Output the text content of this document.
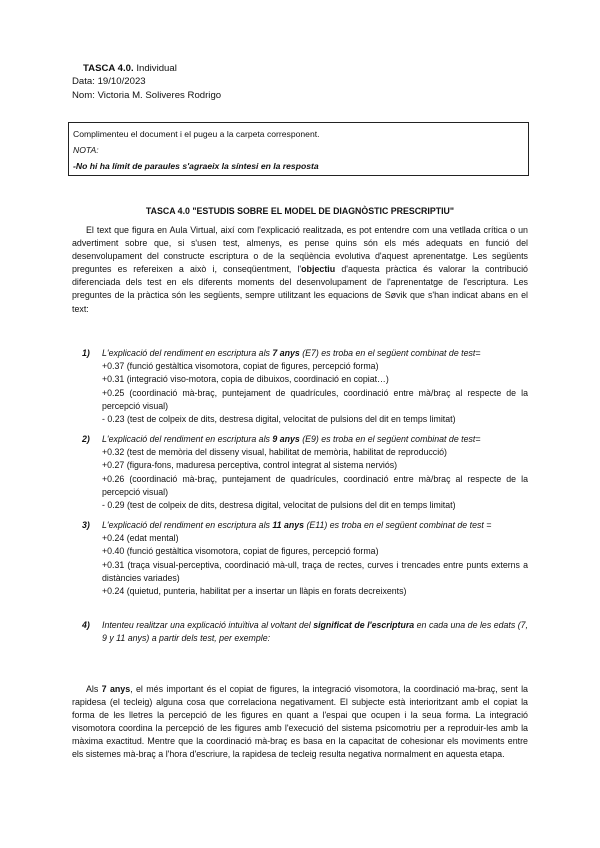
TASCA 4.0. Individual
Data: 19/10/2023
Nom: Victoria M. Soliveres Rodrigo
Complimenteu el document i el pugeu a la carpeta corresponent.
NOTA:
-No hi ha límit de paraules s'agraeix la síntesi en la resposta
TASCA 4.0 "ESTUDIS SOBRE EL MODEL DE DIAGNÒSTIC PRESCRIPTIU"

El text que figura en Aula Virtual, així com l'explicació realitzada, es pot entendre com una vetllada crítica o un advertiment sobre que, si s'usen test, almenys, es pense quins són els més adequats en funció del desenvolupament del constructe escriptura o de la seqüència evolutiva d'aquest aprenentatge. Les següents preguntes es refereixen a això i, conseqüentment, l'objectiu d'aquesta pràctica és valorar la contribució diferenciada dels test en els diferents moments del desenvolupament de l'aprenentatge de l'escriptura. Les preguntes de la pràctica són les següents, sempre utilitzant les equacions de Søvik que s'han indicat abans en el text:

1) L'explicació del rendiment en escriptura als 7 anys (E7) es troba en el següent combinat de test=

+0.37 (funció gestàltica visomotora, copiat de figures, percepció forma)

+0.31 (integració viso-motora, copia de dibuixos, coordinació en copiat…)

+0.25 (coordinació mà-braç, puntejament de quadrícules, coordinació entre mà/braç al respecte de la percepció visual)

- 0.23 (test de colpeix de dits, destresa digital, velocitat de pulsions del dit en temps limitat)

2) L'explicació del rendiment en escriptura als 9 anys (E9) es troba en el següent combinat de test=

+0.32 (test de memòria del disseny visual, habilitat de memòria, habilitat de reproducció)

+0.27 (figura-fons, maduresa perceptiva, control integrat al sistema nerviós)

+0.26 (coordinació mà-braç, puntejament de quadrícules, coordinació entre mà/braç al respecte de la percepció visual)

- 0.29 (test de colpeix de dits, destresa digital, velocitat de pulsions del dit en temps limitat)

3) L'explicació del rendiment en escriptura als 11 anys (E11) es troba en el següent combinat de test =

+0.24 (edat mental)

+0.40 (funció gestàltica visomotora, copiat de figures, percepció forma)

+0.31 (traça visual-perceptiva, coordinació mà-ull, traça de rectes, curves i trencades entre punts externs a distàncies variades)

+0.24 (quietud, punteria, habilitat per a insertar un llàpis en forats decreixents)

4) Intenteu realitzar una explicació intuïtiva al voltant del significat de l'escriptura en cada una de les edats (7, 9 y 11 anys) a partir dels test, per exemple:

Als 7 anys, el més important és el copiat de figures, la integració visomotora, la coordinació ma-braç, sent la rapidesa (el tecleig) alguna cosa que correlaciona negativament. El subjecte està interioritzant amb el copiat la forma de les lletres la percepció de les figures en quant a l'espai que ocupen i la seua forma. La integració visomotora coordina la percepció de les figures amb l'execució del sistema psicomotriu per a reproduir-les amb la màxima exactitud. Mentre que la coordinació mà-braç es basa en la capacitat de cohesionar els moviments entre els sistemes mà-braç a l'hora d'escriure, la rapidesa de tecleig resulta negativa normalment en aquesta etapa.
